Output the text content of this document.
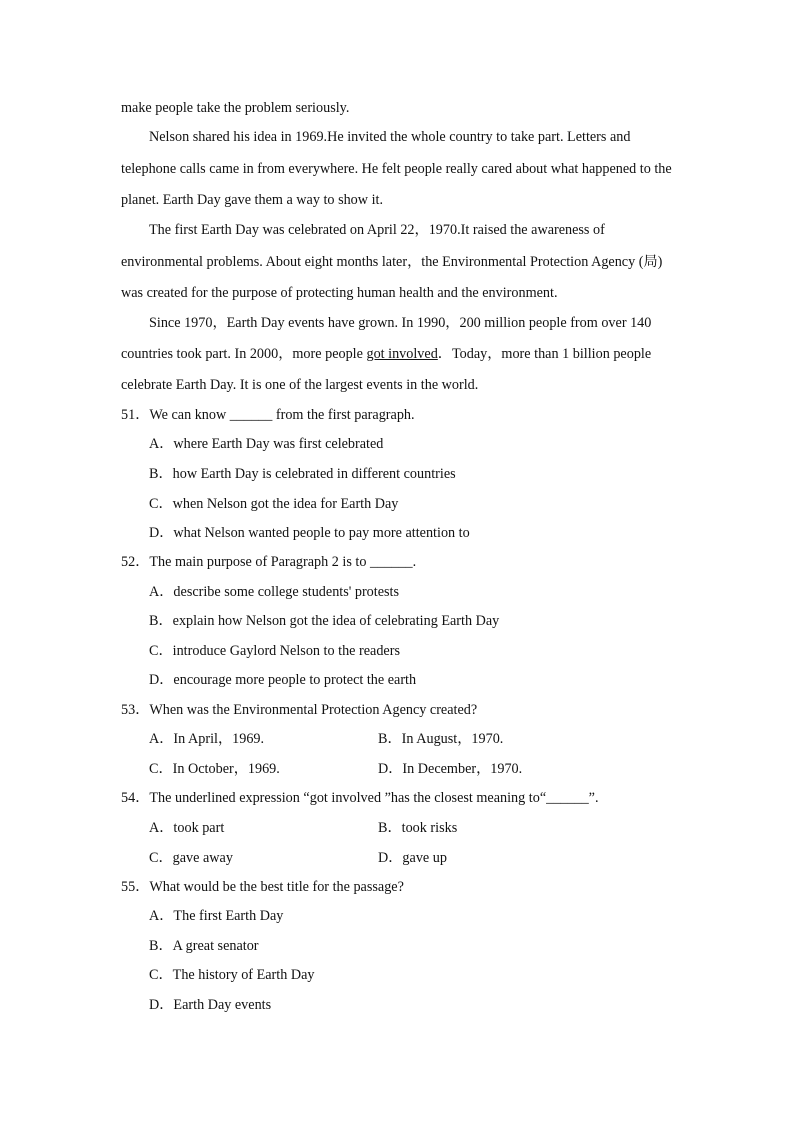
make people take the problem seriously.
Nelson shared his idea in 1969.He invited the whole country to take part. Letters and
telephone calls came in from everywhere. He felt people really cared about what happened to the
planet. Earth Day gave them a way to show it.
The first Earth Day was celebrated on April 22，1970.It raised the awareness of
environmental problems. About eight months later，the Environmental Protection Agency (局)
was created for the purpose of protecting human health and the environment.
Since 1970，Earth Day events have grown. In 1990，200 million people from over 140
countries took part. In 2000，more people got involved．Today，more than 1 billion people
celebrate Earth Day. It is one of the largest events in the world.
51．We can know ______ from the first paragraph.
A．where Earth Day was first celebrated
B．how Earth Day is celebrated in different countries
C．when Nelson got the idea for Earth Day
D．what Nelson wanted people to pay more attention to
52．The main purpose of Paragraph 2 is to ______.
A．describe some college students' protests
B．explain how Nelson got the idea of celebrating Earth Day
C．introduce Gaylord Nelson to the readers
D．encourage more people to protect the earth
53．When was the Environmental Protection Agency created?
A．In April，1969.	B．In August，1970.
C．In October，1969.	D．In December，1970.
54．The underlined expression “got involved ”has the closest meaning to“______”.
A．took part	B．took risks
C．gave away	D．gave up
55．What would be the best title for the passage?
A．The first Earth Day
B．A great senator
C．The history of Earth Day
D．Earth Day events
